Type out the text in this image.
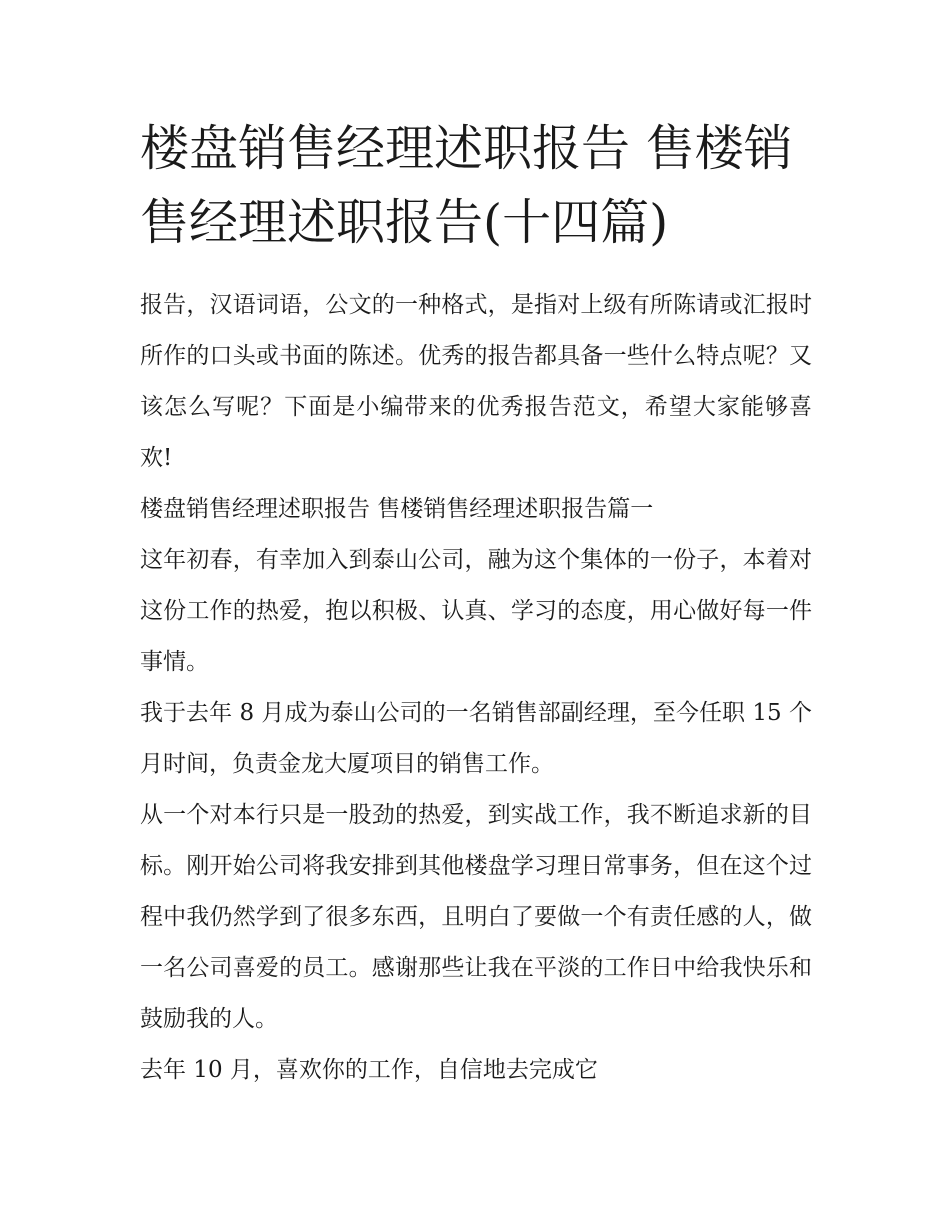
楼盘销售经理述职报告 售楼销售经理述职报告(十四篇)

报告，汉语词语，公文的一种格式，是指对上级有所陈请或汇报时所作的口头或书面的陈述。优秀的报告都具备一些什么特点呢？又该怎么写呢？下面是小编带来的优秀报告范文，希望大家能够喜欢!

楼盘销售经理述职报告 售楼销售经理述职报告篇一

这年初春，有幸加入到泰山公司，融为这个集体的一份子，本着对这份工作的热爱，抱以积极、认真、学习的态度，用心做好每一件事情。

我于去年 8 月成为泰山公司的一名销售部副经理，至今任职 15 个月时间，负责金龙大厦项目的销售工作。

从一个对本行只是一股劲的热爱，到实战工作，我不断追求新的目标。刚开始公司将我安排到其他楼盘学习理日常事务，但在这个过程中我仍然学到了很多东西，且明白了要做一个有责任感的人，做一名公司喜爱的员工。感谢那些让我在平淡的工作日中给我快乐和鼓励我的人。

去年 10 月，喜欢你的工作，自信地去完成它
